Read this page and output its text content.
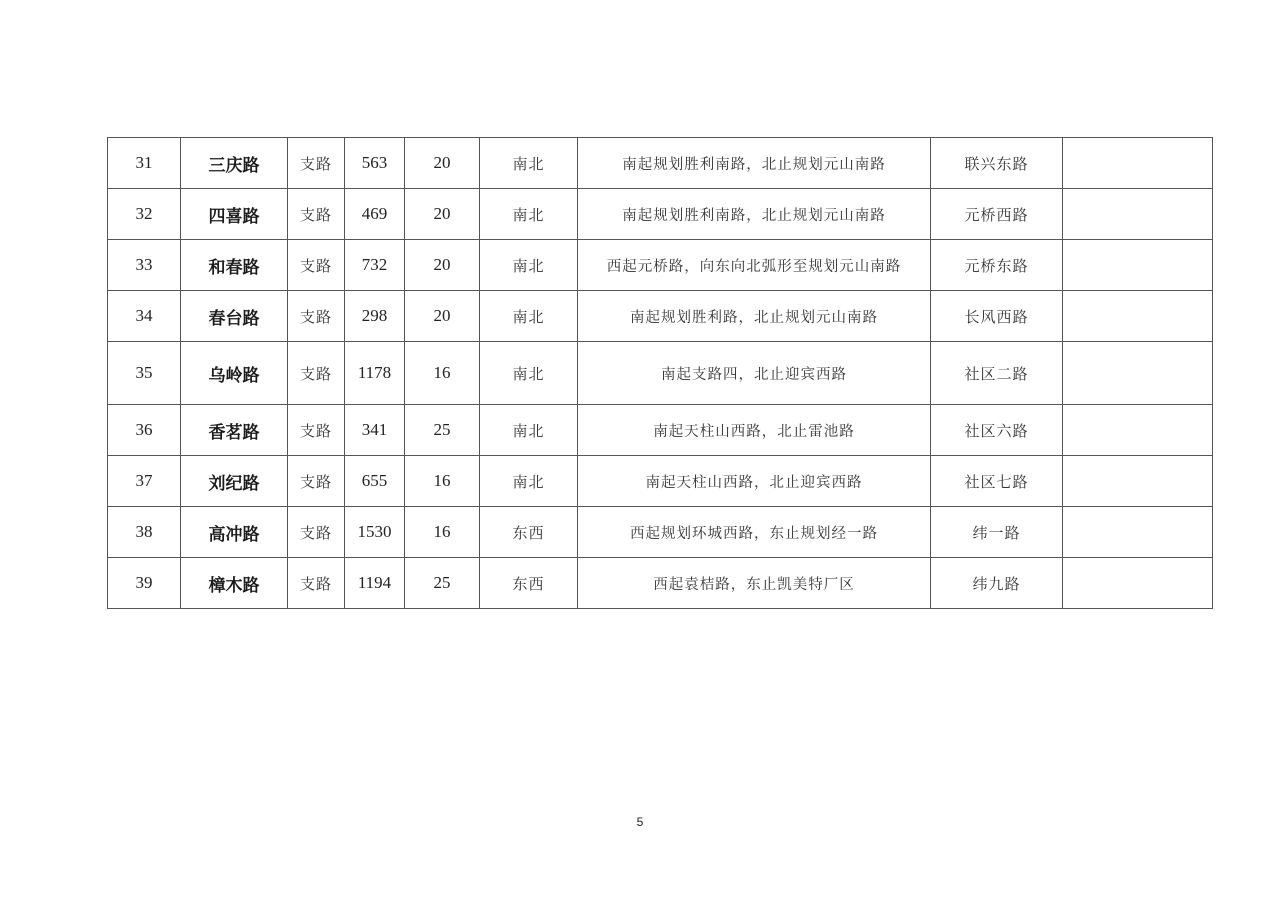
31	三庆路	支路	563	20	南北	南起规划胜利南路，北止规划元山南路	联兴东路	
32	四喜路	支路	469	20	南北	南起规划胜利南路，北止规划元山南路	元桥西路	
33	和春路	支路	732	20	南北	西起元桥路，向东向北弧形至规划元山南路	元桥东路	
34	春台路	支路	298	20	南北	南起规划胜利路，北止规划元山南路	长风西路	
35	乌岭路	支路	1178	16	南北	南起支路四，北止迎宾西路	社区二路	
36	香茗路	支路	341	25	南北	南起天柱山西路，北止雷池路	社区六路	
37	刘纪路	支路	655	16	南北	南起天柱山西路，北止迎宾西路	社区七路	
38	高冲路	支路	1530	16	东西	西起规划环城西路，东止规划经一路	纬一路	
39	樟木路	支路	1194	25	东西	西起袁桔路，东止凯美特厂区	纬九路	
5
